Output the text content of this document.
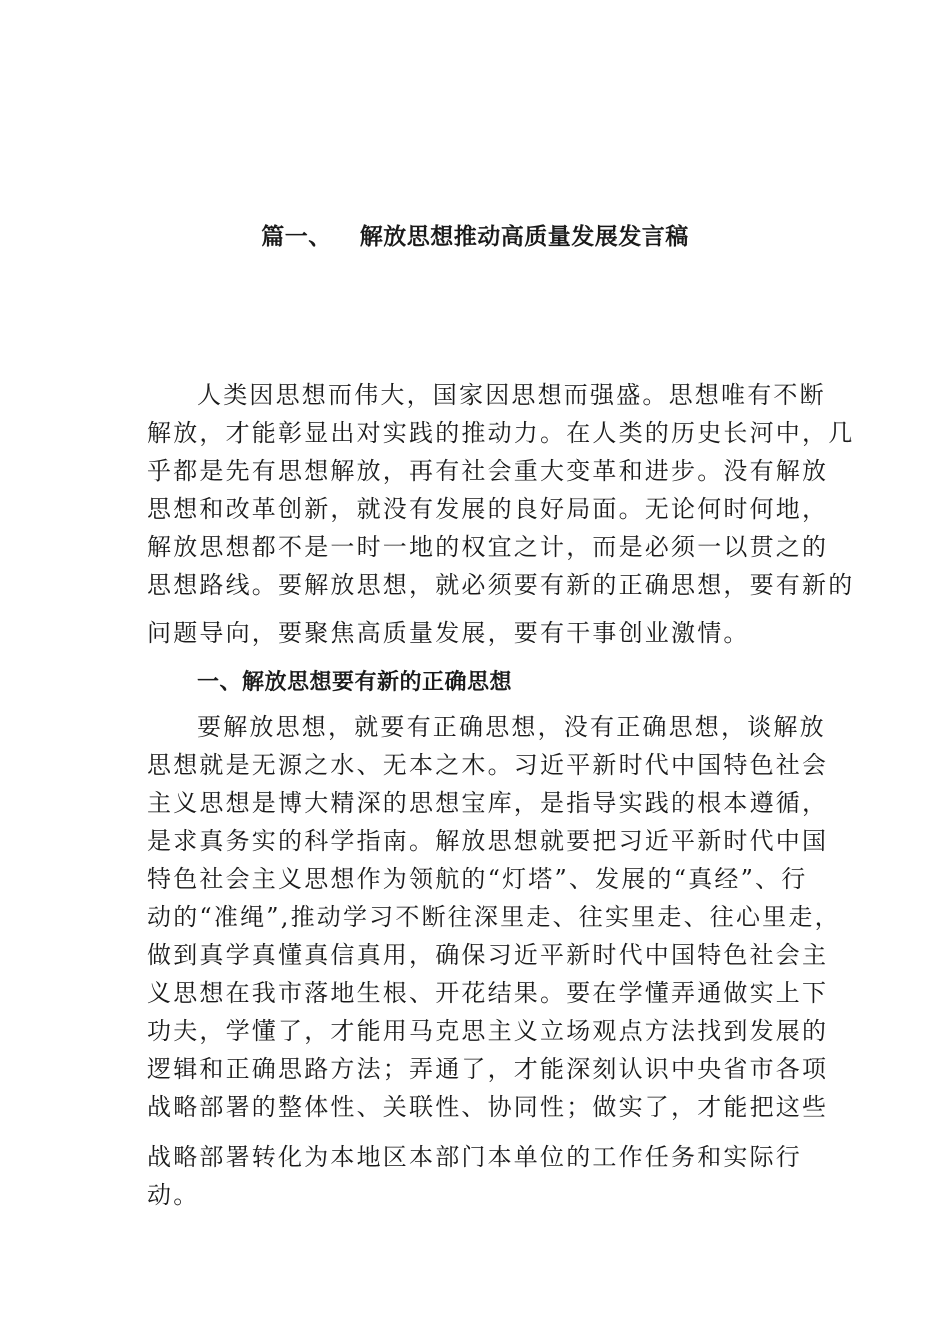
篇一、 解放思想推动高质量发展发言稿

人类因思想而伟大，国家因思想而强盛。思想唯有不断
解放，才能彰显出对实践的推动力。在人类的历史长河中，几
乎都是先有思想解放，再有社会重大变革和进步。没有解放
思想和改革创新，就没有发展的良好局面。无论何时何地，
解放思想都不是一时一地的权宜之计，而是必须一以贯之的
思想路线。要解放思想，就必须要有新的正确思想，要有新的
问题导向，要聚焦高质量发展，要有干事创业激情。

一、解放思想要有新的正确思想

要解放思想，就要有正确思想，没有正确思想，谈解放
思想就是无源之水、无本之木。习近平新时代中国特色社会
主义思想是博大精深的思想宝库，是指导实践的根本遵循，
是求真务实的科学指南。解放思想就要把习近平新时代中国
特色社会主义思想作为领航的“灯塔”、发展的“真经”、行
动的“准绳”,推动学习不断往深里走、往实里走、往心里走，
做到真学真懂真信真用，确保习近平新时代中国特色社会主
义思想在我市落地生根、开花结果。要在学懂弄通做实上下
功夫，学懂了，才能用马克思主义立场观点方法找到发展的
逻辑和正确思路方法；弄通了，才能深刻认识中央省市各项
战略部署的整体性、关联性、协同性；做实了，才能把这些
战略部署转化为本地区本部门本单位的工作任务和实际行
动。
